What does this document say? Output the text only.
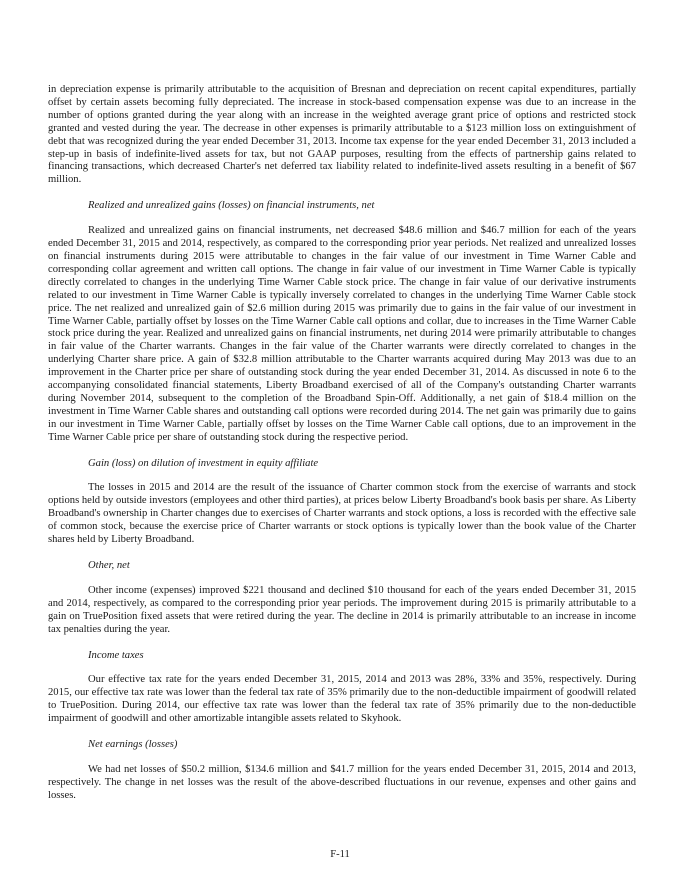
in depreciation expense is primarily attributable to the acquisition of Bresnan and depreciation on recent capital expenditures, partially offset by certain assets becoming fully depreciated. The increase in stock-based compensation expense was due to an increase in the number of options granted during the year along with an increase in the weighted average grant price of options and restricted stock granted and vested during the year. The decrease in other expenses is primarily attributable to a $123 million loss on extinguishment of debt that was recognized during the year ended December 31, 2013. Income tax expense for the year ended December 31, 2013 included a step-up in basis of indefinite-lived assets for tax, but not GAAP purposes, resulting from the effects of partnership gains related to financing transactions, which decreased Charter's net deferred tax liability related to indefinite-lived assets resulting in a benefit of $67 million.

Realized and unrealized gains (losses) on financial instruments, net

Realized and unrealized gains on financial instruments, net decreased $48.6 million and $46.7 million for each of the years ended December 31, 2015 and 2014, respectively, as compared to the corresponding prior year periods. Net realized and unrealized losses on financial instruments during 2015 were attributable to changes in the fair value of our investment in Time Warner Cable and corresponding collar agreement and written call options. The change in fair value of our investment in Time Warner Cable is typically directly correlated to changes in the underlying Time Warner Cable stock price. The change in fair value of our derivative instruments related to our investment in Time Warner Cable is typically inversely correlated to changes in the underlying Time Warner Cable stock price. The net realized and unrealized gain of $2.6 million during 2015 was primarily due to gains in the fair value of our investment in Time Warner Cable, partially offset by losses on the Time Warner Cable call options and collar, due to increases in the Time Warner Cable stock price during the year. Realized and unrealized gains on financial instruments, net during 2014 were primarily attributable to changes in fair value of the Charter warrants. Changes in the fair value of the Charter warrants were directly correlated to changes in the underlying Charter share price. A gain of $32.8 million attributable to the Charter warrants acquired during May 2013 was due to an improvement in the Charter price per share of outstanding stock during the year ended December 31, 2014. As discussed in note 6 to the accompanying consolidated financial statements, Liberty Broadband exercised of all of the Company's outstanding Charter warrants during November 2014, subsequent to the completion of the Broadband Spin-Off. Additionally, a net gain of $18.4 million on the investment in Time Warner Cable shares and outstanding call options were recorded during 2014. The net gain was primarily due to gains in our investment in Time Warner Cable, partially offset by losses on the Time Warner Cable call options, due to an improvement in the Time Warner Cable price per share of outstanding stock during the respective period.

Gain (loss) on dilution of investment in equity affiliate

The losses in 2015 and 2014 are the result of the issuance of Charter common stock from the exercise of warrants and stock options held by outside investors (employees and other third parties), at prices below Liberty Broadband's book basis per share. As Liberty Broadband's ownership in Charter changes due to exercises of Charter warrants and stock options, a loss is recorded with the effective sale of common stock, because the exercise price of Charter warrants or stock options is typically lower than the book value of the Charter shares held by Liberty Broadband.

Other, net

Other income (expenses) improved $221 thousand and declined $10 thousand for each of the years ended December 31, 2015 and 2014, respectively, as compared to the corresponding prior year periods. The improvement during 2015 is primarily attributable to a gain on TruePosition fixed assets that were retired during the year. The decline in 2014 is primarily attributable to an increase in income tax penalties during the year.

Income taxes

Our effective tax rate for the years ended December 31, 2015, 2014 and 2013 was 28%, 33% and 35%, respectively. During 2015, our effective tax rate was lower than the federal tax rate of 35% primarily due to the non-deductible impairment of goodwill related to TruePosition. During 2014, our effective tax rate was lower than the federal tax rate of 35% primarily due to the non-deductible impairment of goodwill and other amortizable intangible assets related to Skyhook.

Net earnings (losses)

We had net losses of $50.2 million, $134.6 million and $41.7 million for the years ended December 31, 2015, 2014 and 2013, respectively. The change in net losses was the result of the above-described fluctuations in our revenue, expenses and other gains and losses.

F-11
